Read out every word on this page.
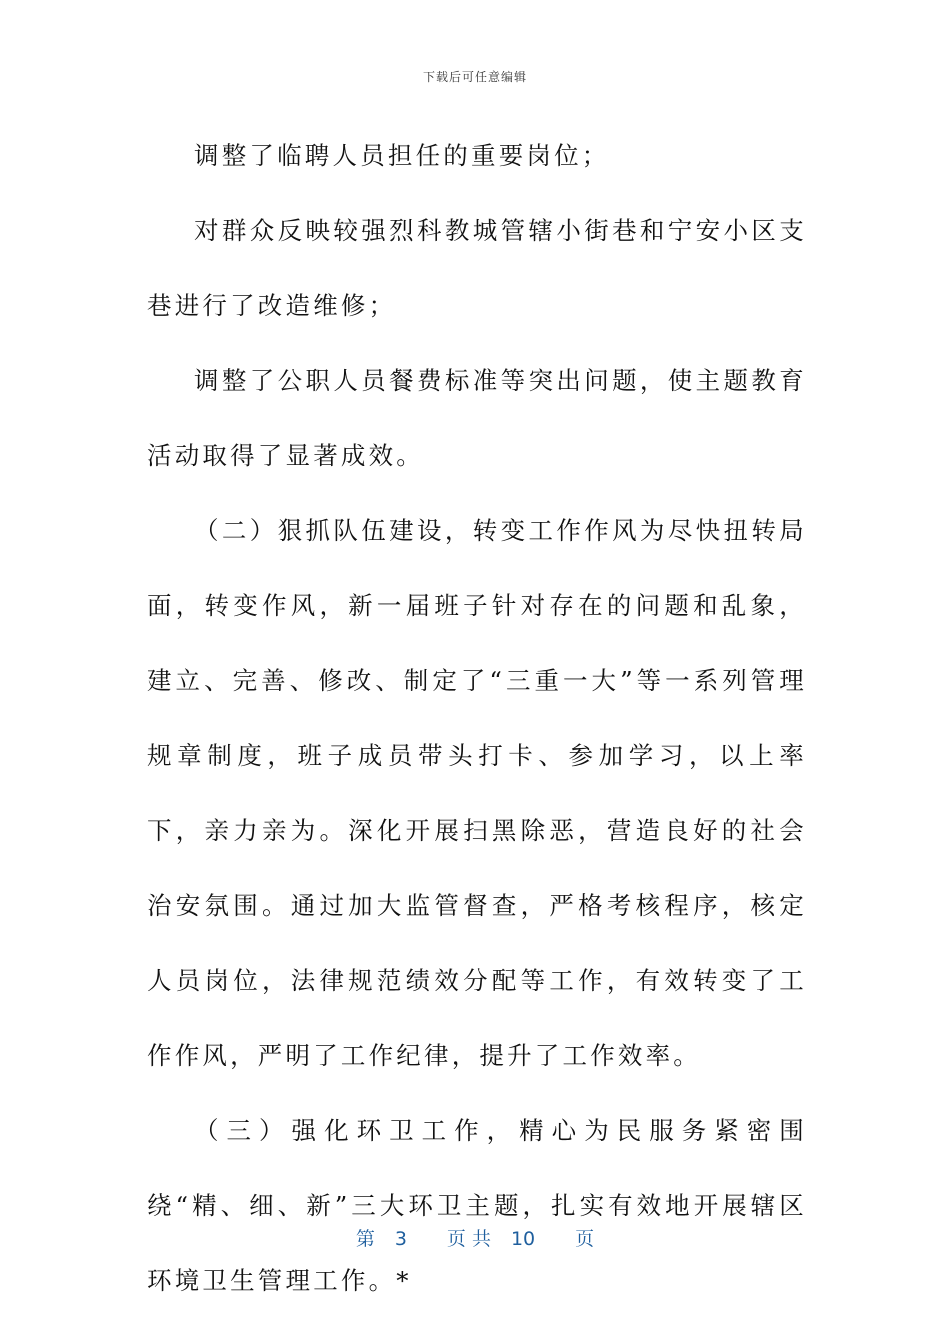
下载后可任意编辑

调整了临聘人员担任的重要岗位；

对群众反映较强烈科教城管辖小街巷和宁安小区支巷进行了改造维修；

调整了公职人员餐费标准等突出问题，使主题教育活动取得了显著成效。

（二）狠抓队伍建设，转变工作作风为尽快扭转局面，转变作风，新一届班子针对存在的问题和乱象，建立、完善、修改、制定了“三重一大”等一系列管理规章制度，班子成员带头打卡、参加学习，以上率下，亲力亲为。深化开展扫黑除恶，营造良好的社会治安氛围。通过加大监管督查，严格考核程序，核定人员岗位，法律规范绩效分配等工作，有效转变了工作作风，严明了工作纪律，提升了工作效率。

（三）强化环卫工作，精心为民服务紧密围绕“精、细、新”三大环卫主题，扎实有效地开展辖区环境卫生管理工作。*

第 3 页 共 10 页
